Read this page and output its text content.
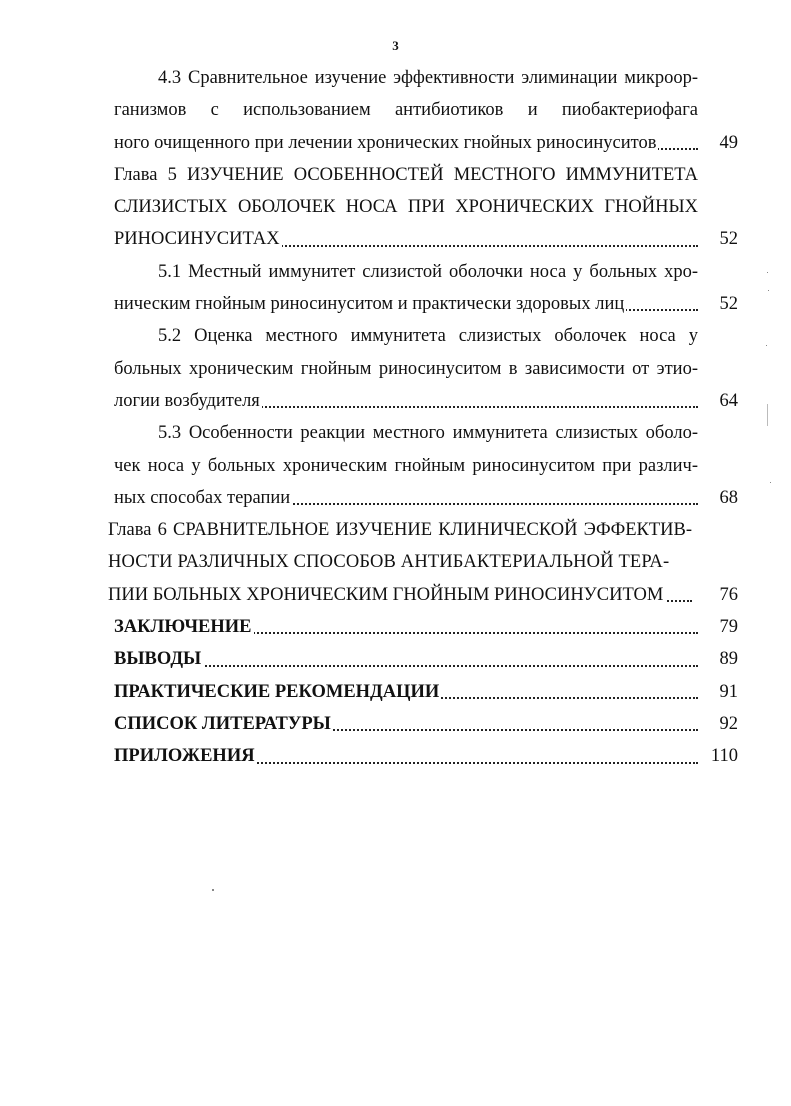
3
4.3 Сравнительное изучение эффективности элиминации микроор-
ганизмов с использованием антибиотиков и пиобактериофага
ного очищенного при лечении хронических гнойных риносинуситов	49
Глава 5 ИЗУЧЕНИЕ ОСОБЕННОСТЕЙ МЕСТНОГО ИММУНИТЕТА
СЛИЗИСТЫХ ОБОЛОЧЕК НОСА ПРИ ХРОНИЧЕСКИХ ГНОЙНЫХ
РИНОСИНУСИТАХ	52
5.1 Местный иммунитет слизистой оболочки носа у больных хро-
ническим гнойным риносинуситом и практически здоровых лиц	52
5.2 Оценка местного иммунитета слизистых оболочек носа у
больных хроническим гнойным риносинуситом в зависимости от этио-
логии возбудителя	64
5.3 Особенности реакции местного иммунитета слизистых оболо-
чек носа у больных хроническим гнойным риносинуситом при различ-
ных способах терапии	68
Глава 6 СРАВНИТЕЛЬНОЕ ИЗУЧЕНИЕ КЛИНИЧЕСКОЙ ЭФФЕКТИВ-
НОСТИ РАЗЛИЧНЫХ СПОСОБОВ АНТИБАКТЕРИАЛЬНОЙ ТЕРА-
ПИИ БОЛЬНЫХ ХРОНИЧЕСКИМ ГНОЙНЫМ РИНОСИНУСИТОМ	76
ЗАКЛЮЧЕНИЕ	79
ВЫВОДЫ	89
ПРАКТИЧЕСКИЕ РЕКОМЕНДАЦИИ	91
СПИСОК ЛИТЕРАТУРЫ	92
ПРИЛОЖЕНИЯ	110
